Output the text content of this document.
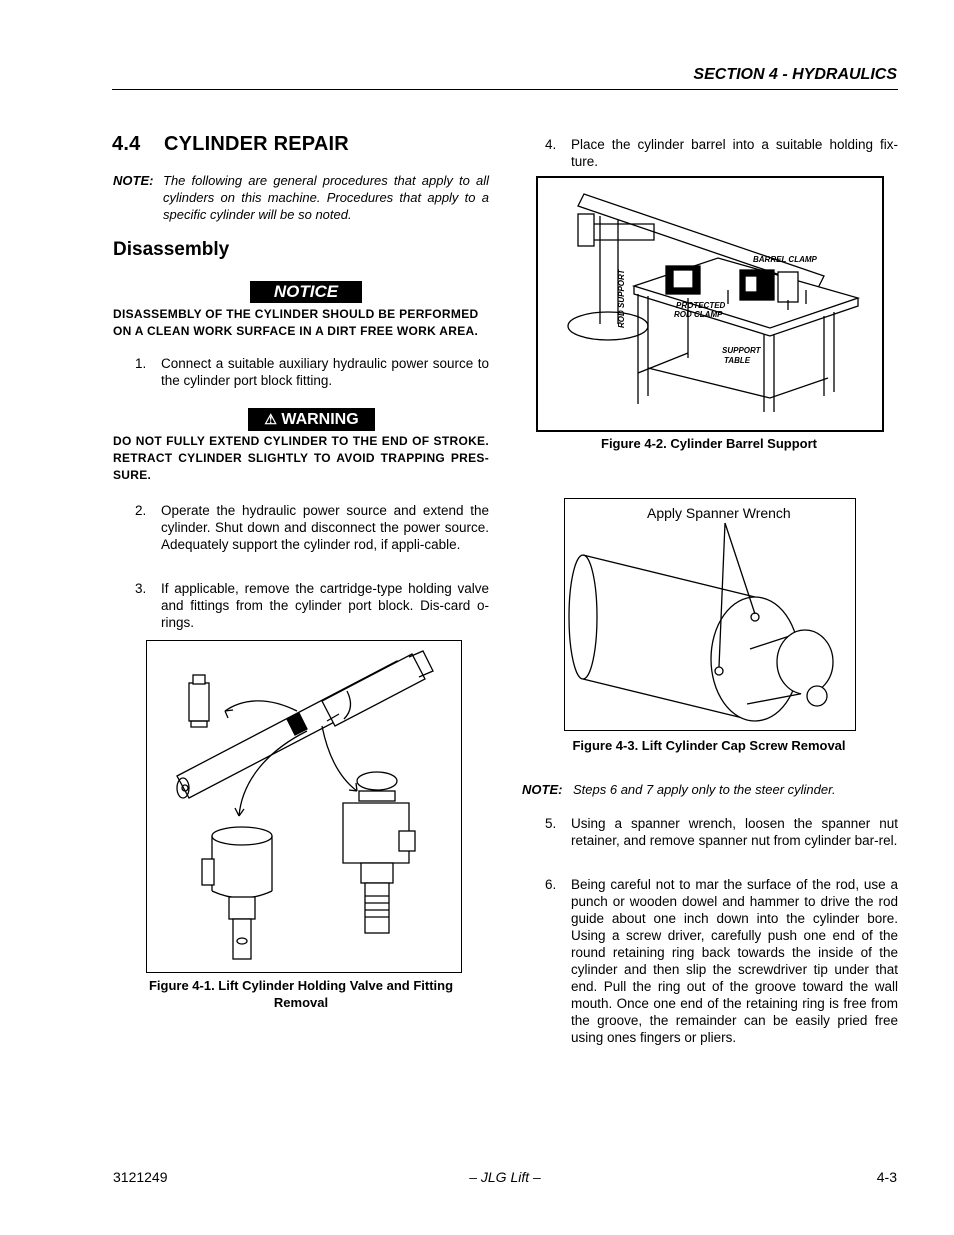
SECTION 4 - HYDRAULICS
4.4 CYLINDER REPAIR
NOTE: The following are general procedures that apply to all cylinders on this machine. Procedures that apply to a specific cylinder will be so noted.
Disassembly
NOTICE
DISASSEMBLY OF THE CYLINDER SHOULD BE PERFORMED ON A CLEAN WORK SURFACE IN A DIRT FREE WORK AREA.
1. Connect a suitable auxiliary hydraulic power source to the cylinder port block fitting.
⚠ WARNING
DO NOT FULLY EXTEND CYLINDER TO THE END OF STROKE. RETRACT CYLINDER SLIGHTLY TO AVOID TRAPPING PRES-SURE.
2. Operate the hydraulic power source and extend the cylinder. Shut down and disconnect the power source. Adequately support the cylinder rod, if appli-cable.
3. If applicable, remove the cartridge-type holding valve and fittings from the cylinder port block. Dis-card o-rings.
Figure 4-1. Lift Cylinder Holding Valve and Fitting
Removal
4. Place the cylinder barrel into a suitable holding fix-ture.
BARREL CLAMP
PROTECTED
ROD CLAMP
SUPPORT
TABLE
ROD SUPPORT
Figure 4-2. Cylinder Barrel Support
Apply Spanner Wrench
Figure 4-3. Lift Cylinder Cap Screw Removal
NOTE: Steps 6 and 7 apply only to the steer cylinder.
5. Using a spanner wrench, loosen the spanner nut retainer, and remove spanner nut from cylinder bar-rel.
6. Being careful not to mar the surface of the rod, use a punch or wooden dowel and hammer to drive the rod guide about one inch down into the cylinder bore. Using a screw driver, carefully push one end of the round retaining ring back towards the inside of the cylinder and then slip the screwdriver tip under that end. Pull the ring out of the groove toward the wall mouth. Once one end of the retaining ring is free from the groove, the remainder can be easily pried free using ones fingers or pliers.
3121249	– JLG Lift –	4-3
